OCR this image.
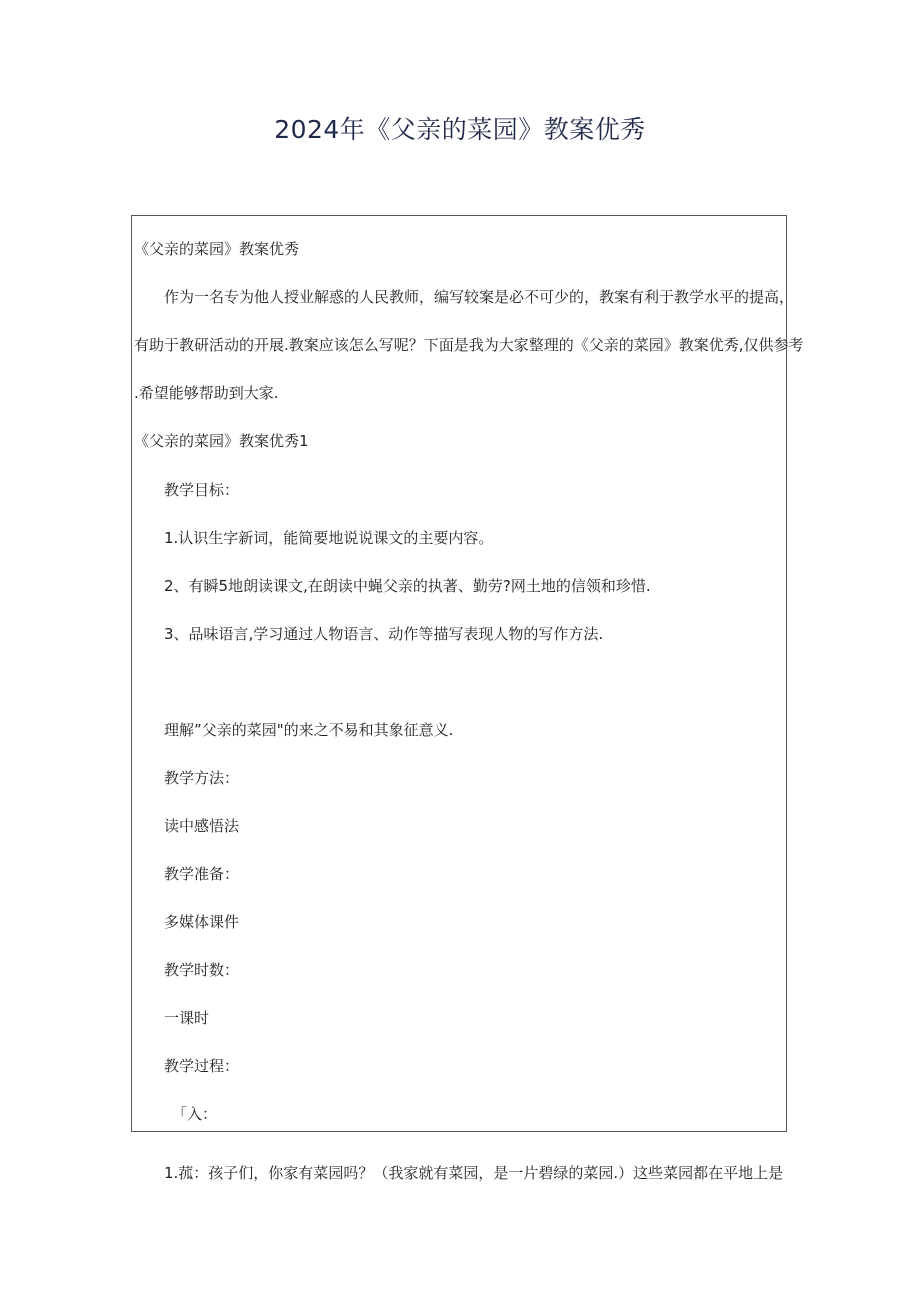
2024年《父亲的菜园》教案优秀
《父亲的菜园》教案优秀
作为一名专为他人授业解惑的人民教师，编写较案是必不可少的，教案有利于教学水平的提高，
有助于教研活动的开展.教案应该怎么写呢？下面是我为大家整理的《父亲的菜园》教案优秀,仅供参考
.希望能够帮助到大家.
《父亲的菜园》教案优秀1
教学目标：
1.认识生字新词，能简要地说说课文的主要内容。
2、有瞬5地朗读课文,在朗读中蝇父亲的执著、勤劳?网土地的信领和珍惜.
3、品味语言,学习通过人物语言、动作等描写表现人物的写作方法.
理解”父亲的菜园"的来之不易和其象征意义.
教学方法：
读中感悟法
教学准备：
多媒体课件
教学时数：
一课时
教学过程：
「入：
1.菰：孩子们，你家有菜园吗？（我家就有菜园，是一片碧绿的菜园.）这些菜园都在平地上是
